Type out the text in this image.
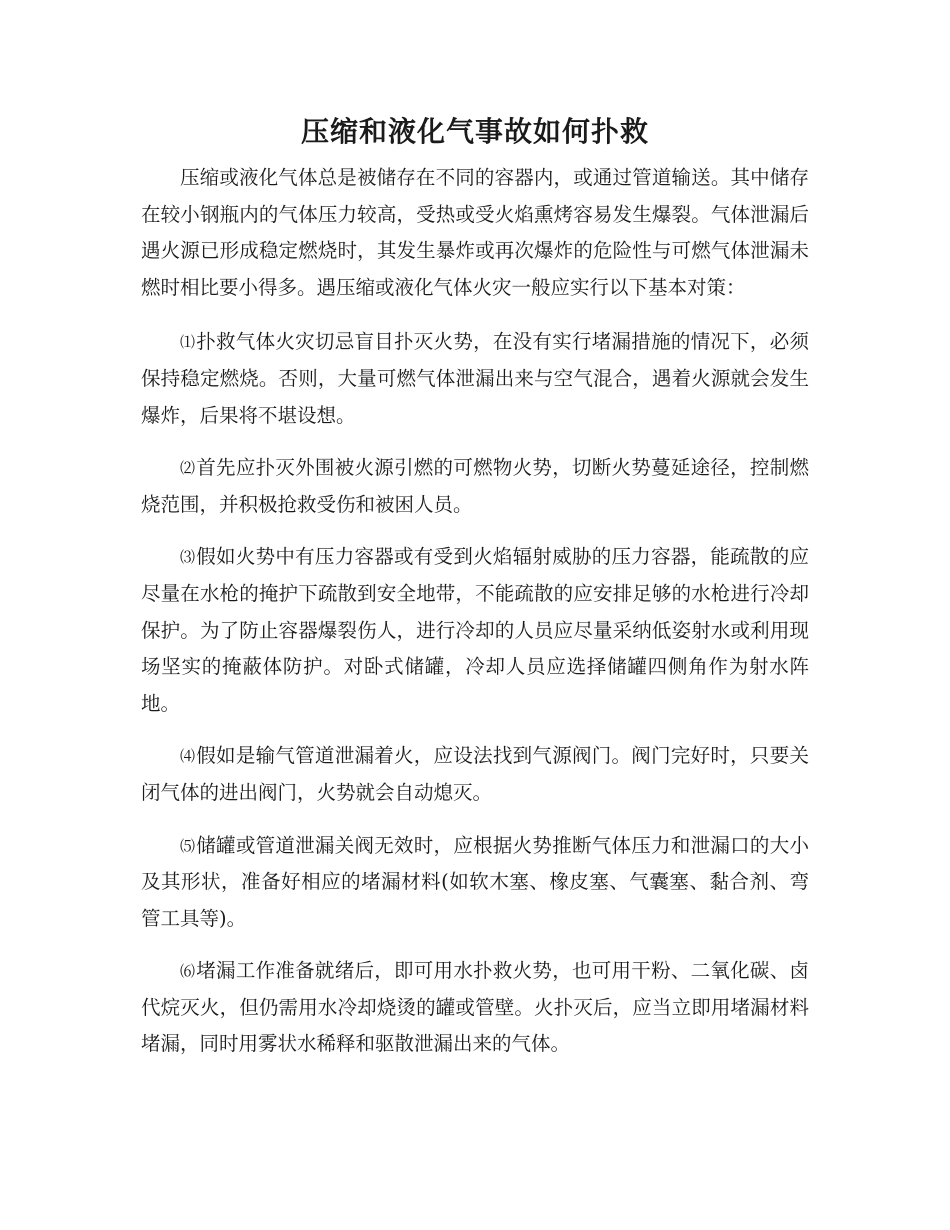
压缩和液化气事故如何扑救

压缩或液化气体总是被储存在不同的容器内，或通过管道输送。其中储存在较小钢瓶内的气体压力较高，受热或受火焰熏烤容易发生爆裂。气体泄漏后遇火源已形成稳定燃烧时，其发生暴炸或再次爆炸的危险性与可燃气体泄漏未燃时相比要小得多。遇压缩或液化气体火灾一般应实行以下基本对策：

⑴扑救气体火灾切忌盲目扑灭火势，在没有实行堵漏措施的情况下，必须保持稳定燃烧。否则，大量可燃气体泄漏出来与空气混合，遇着火源就会发生爆炸，后果将不堪设想。

⑵首先应扑灭外围被火源引燃的可燃物火势，切断火势蔓延途径，控制燃烧范围，并积极抢救受伤和被困人员。

⑶假如火势中有压力容器或有受到火焰辐射威胁的压力容器，能疏散的应尽量在水枪的掩护下疏散到安全地带，不能疏散的应安排足够的水枪进行冷却保护。为了防止容器爆裂伤人，进行冷却的人员应尽量采纳低姿射水或利用现场坚实的掩蔽体防护。对卧式储罐，冷却人员应选择储罐四侧角作为射水阵地。

⑷假如是输气管道泄漏着火，应设法找到气源阀门。阀门完好时，只要关闭气体的进出阀门，火势就会自动熄灭。

⑸储罐或管道泄漏关阀无效时，应根据火势推断气体压力和泄漏口的大小及其形状，准备好相应的堵漏材料(如软木塞、橡皮塞、气囊塞、黏合剂、弯管工具等)。

⑹堵漏工作准备就绪后，即可用水扑救火势，也可用干粉、二氧化碳、卤代烷灭火，但仍需用水冷却烧烫的罐或管壁。火扑灭后，应当立即用堵漏材料堵漏，同时用雾状水稀释和驱散泄漏出来的气体。
